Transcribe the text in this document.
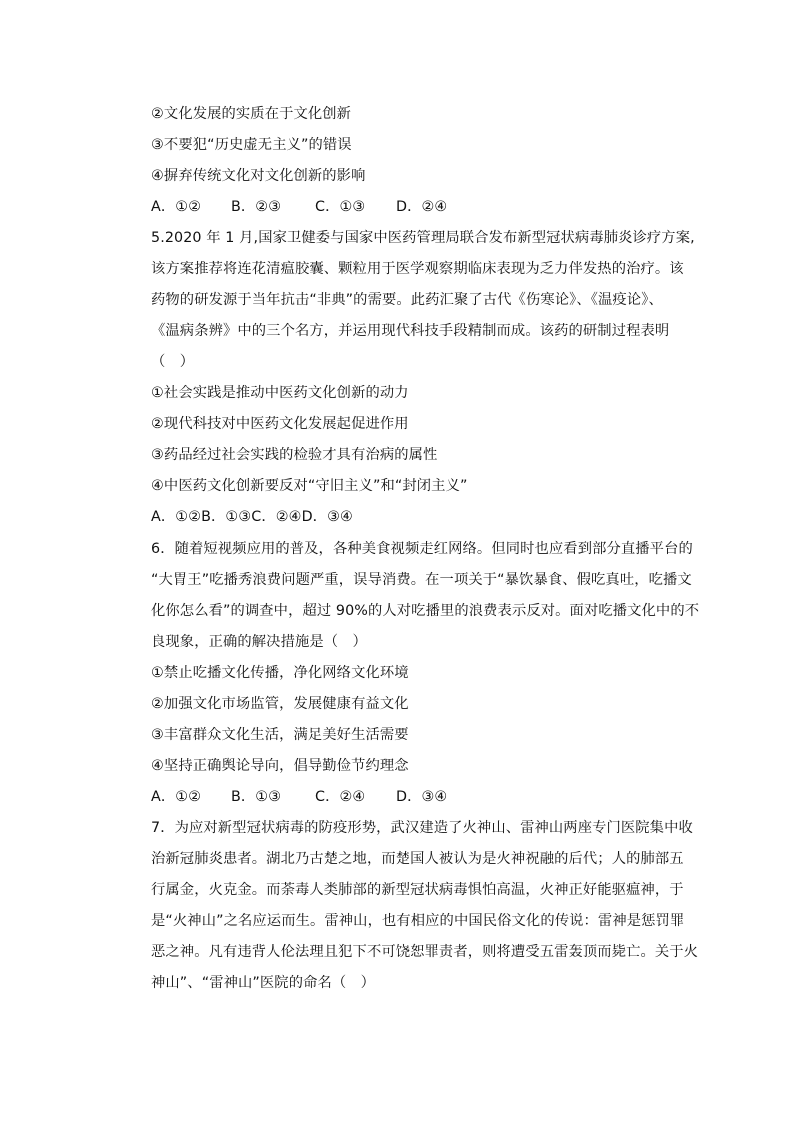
②文化发展的实质在于文化创新
③不要犯“历史虚无主义”的错误
④摒弃传统文化对文化创新的影响
A．①② B．②③ C．①③ D．②④
5.2020 年 1 月,国家卫健委与国家中医药管理局联合发布新型冠状病毒肺炎诊疗方案,
该方案推荐将连花清瘟胶囊、颗粒用于医学观察期临床表现为乏力伴发热的治疗。该
药物的研发源于当年抗击“非典”的需要。此药汇聚了古代《伤寒论》、《温疫论》、
《温病条辨》中的三个名方，并运用现代科技手段精制而成。该药的研制过程表明
（　）
①社会实践是推动中医药文化创新的动力
②现代科技对中医药文化发展起促进作用
③药品经过社会实践的检验才具有治病的属性
④中医药文化创新要反对“守旧主义”和“封闭主义”
A．①②B．①③C．②④D．③④
6．随着短视频应用的普及，各种美食视频走红网络。但同时也应看到部分直播平台的
“大胃王”吃播秀浪费问题严重，误导消费。在一项关于“暴饮暴食、假吃真吐，吃播文
化你怎么看”的调查中，超过 90%的人对吃播里的浪费表示反对。面对吃播文化中的不
良现象，正确的解决措施是（　）
①禁止吃播文化传播，净化网络文化环境
②加强文化市场监管，发展健康有益文化
③丰富群众文化生活，满足美好生活需要
④坚持正确舆论导向，倡导勤俭节约理念
A．①② B．①③ C．②④ D．③④
7．为应对新型冠状病毒的防疫形势，武汉建造了火神山、雷神山两座专门医院集中收
治新冠肺炎患者。湖北乃古楚之地，而楚国人被认为是火神祝融的后代；人的肺部五
行属金，火克金。而荼毒人类肺部的新型冠状病毒惧怕高温，火神正好能驱瘟神，于
是“火神山”之名应运而生。雷神山，也有相应的中国民俗文化的传说：雷神是惩罚罪
恶之神。凡有违背人伦法理且犯下不可饶恕罪责者，则将遭受五雷轰顶而毙亡。关于火
神山”、“雷神山”医院的命名（　）
